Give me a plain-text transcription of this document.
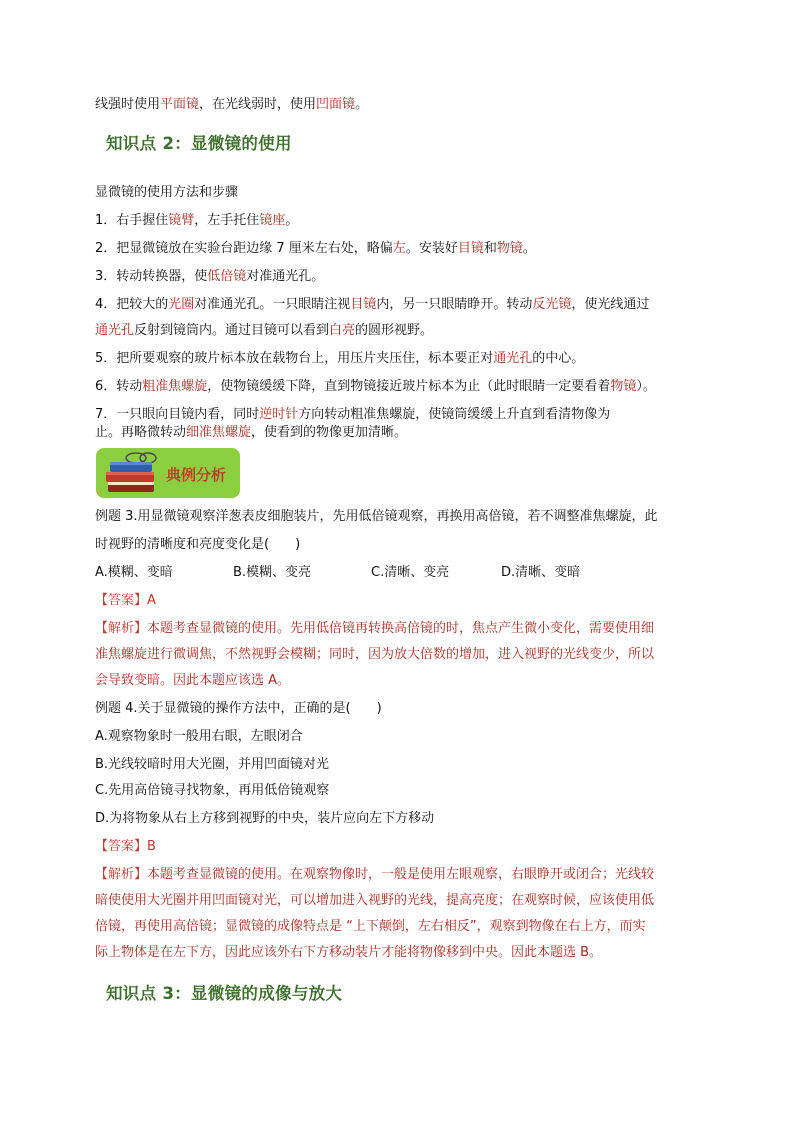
线强时使用平面镜，在光线弱时，使用凹面镜。
知识点 2：显微镜的使用
显微镜的使用方法和步骤
1．右手握住镜臂，左手托住镜座。
2．把显微镜放在实验台距边缘 7 厘米左右处，略偏左。安装好目镜和物镜。
3．转动转换器，使低倍镜对准通光孔。
4．把较大的光圈对准通光孔。一只眼睛注视目镜内，另一只眼睛睁开。转动反光镜，使光线通过
通光孔反射到镜筒内。通过目镜可以看到白亮的圆形视野。
5．把所要观察的玻片标本放在载物台上，用压片夹压住，标本要正对通光孔的中心。
6．转动粗准焦螺旋，使物镜缓缓下降，直到物镜接近玻片标本为止（此时眼睛一定要看着物镜）。
7．一只眼向目镜内看，同时逆时针方向转动粗准焦螺旋，使镜筒缓缓上升直到看清物像为
止。再略微转动细准焦螺旋，使看到的物像更加清晰。
典例分析
例题 3.用显微镜观察洋葱表皮细胞装片，先用低倍镜观察，再换用高倍镜，若不调整准焦螺旋，此
时视野的清晰度和亮度变化是(　　)
A.模糊、变暗	B.模糊、变亮	C.清晰、变亮	D.清晰、变暗
【答案】A
【解析】本题考查显微镜的使用。先用低倍镜再转换高倍镜的时，焦点产生微小变化，需要使用细
准焦螺旋进行微调焦，不然视野会模糊；同时，因为放大倍数的增加，进入视野的光线变少，所以
会导致变暗。因此本题应该选 A。
例题 4.关于显微镜的操作方法中，正确的是(　　)
A.观察物象时一般用右眼，左眼闭合
B.光线较暗时用大光圈，并用凹面镜对光
C.先用高倍镜寻找物象，再用低倍镜观察
D.为将物象从右上方移到视野的中央，装片应向左下方移动
【答案】B
【解析】本题考查显微镜的使用。在观察物像时，一般是使用左眼观察，右眼睁开或闭合；光线较
暗使使用大光圈并用凹面镜对光，可以增加进入视野的光线，提高亮度；在观察时候，应该使用低
倍镜，再使用高倍镜；显微镜的成像特点是 “上下颠倒，左右相反”，观察到物像在右上方，而实
际上物体是在左下方，因此应该外右下方移动装片才能将物像移到中央。因此本题选 B。
知识点 3：显微镜的成像与放大
